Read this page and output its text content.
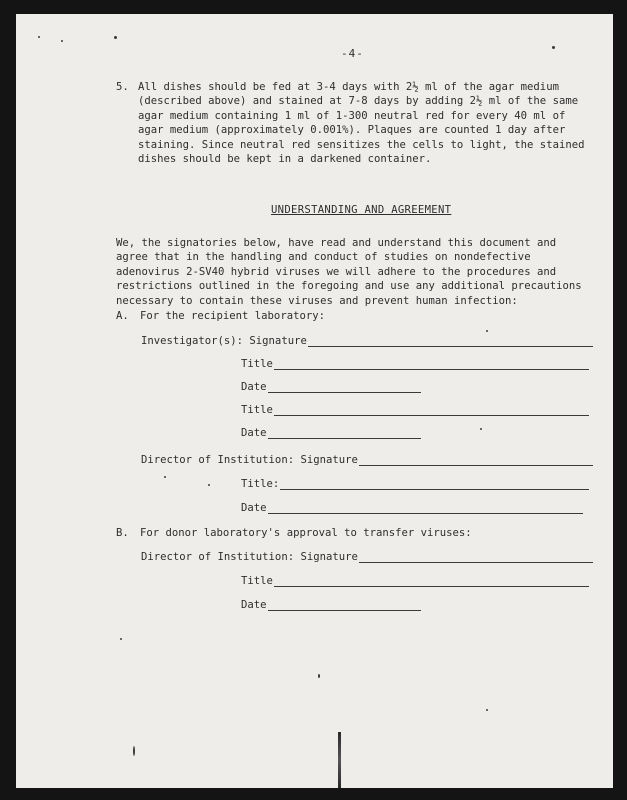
-4-
5. All dishes should be fed at 3-4 days with 2½ ml of the agar medium (described above) and stained at 7-8 days by adding 2½ ml of the same agar medium containing 1 ml of 1-300 neutral red for every 40 ml of agar medium (approximately 0.001%). Plaques are counted 1 day after staining. Since neutral red sensitizes the cells to light, the stained dishes should be kept in a darkened container.
UNDERSTANDING AND AGREEMENT
We, the signatories below, have read and understand this document and agree that in the handling and conduct of studies on nondefective adenovirus 2-SV40 hybrid viruses we will adhere to the procedures and restrictions outlined in the foregoing and use any additional precautions necessary to contain these viruses and prevent human infection:
A. For the recipient laboratory:
Investigator(s): Signature
Title
Date
Title
Date
Director of Institution: Signature
Title:
Date
B. For donor laboratory's approval to transfer viruses:
Director of Institution: Signature
Title
Date
